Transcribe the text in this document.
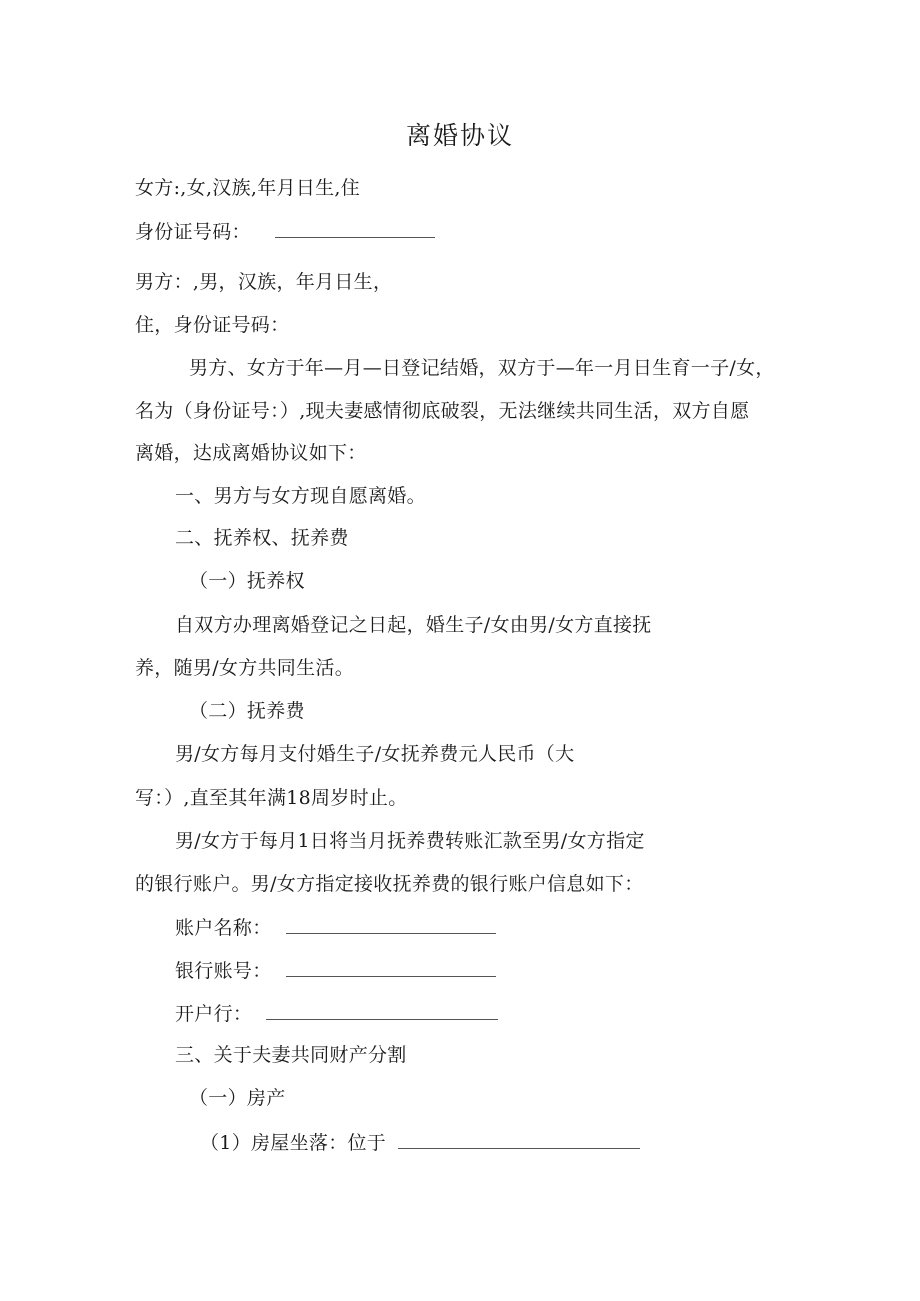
离婚协议
女方:,女,汉族,年月日生,住
身份证号码：
男方：,男，汉族，年月日生，
住，身份证号码：
男方、女方于年—月—日登记结婚，双方于—年一月日生育一子/女，
名为（身份证号：）,现夫妻感情彻底破裂，无法继续共同生活，双方自愿
离婚，达成离婚协议如下：
一、男方与女方现自愿离婚。
二、抚养权、抚养费
（一）抚养权
自双方办理离婚登记之日起，婚生子/女由男/女方直接抚
养，随男/女方共同生活。
（二）抚养费
男/女方每月支付婚生子/女抚养费元人民币（大
写：）,直至其年满18周岁时止。
男/女方于每月1日将当月抚养费转账汇款至男/女方指定
的银行账户。男/女方指定接收抚养费的银行账户信息如下：
账户名称：
银行账号：
开户行：
三、关于夫妻共同财产分割
（一）房产
（1）房屋坐落：位于
